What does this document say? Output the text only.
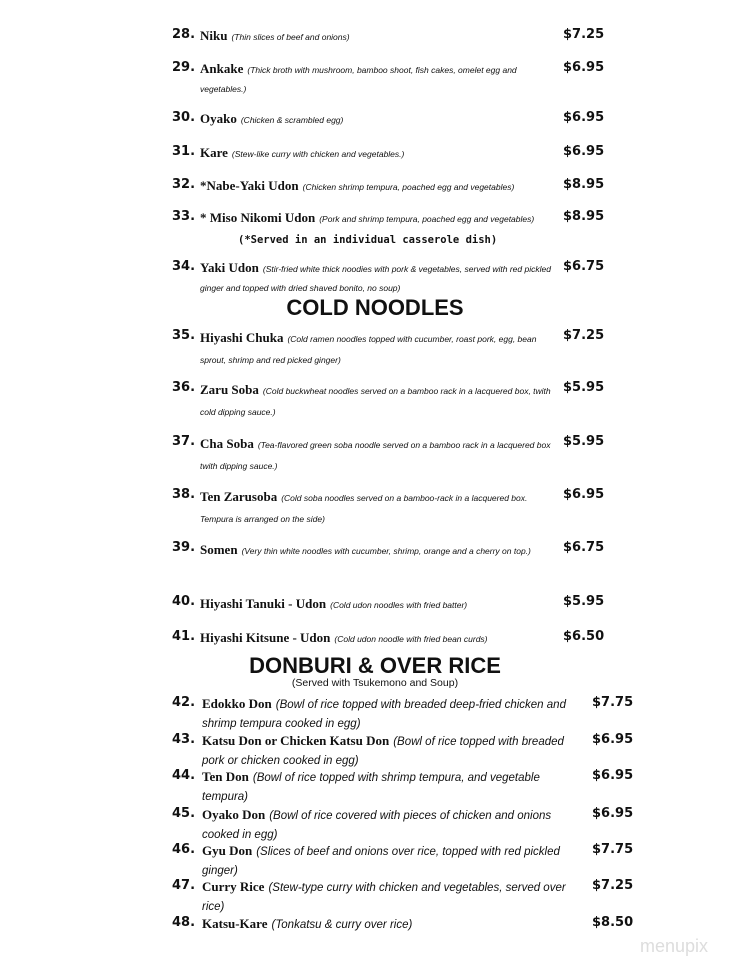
(*Served in an individual casserole dish)
COLD NOODLES
DONBURI & OVER RICE
(Served with Tsukemono and Soup)
menupix
28. Niku (Thin slices of beef and onions)	$7.25
29. Ankake (Thick broth with mushroom, bamboo shoot, fish cakes, omelet egg and vegetables.)
$6.95
30. Oyako (Chicken & scrambled egg)	$6.95
31. Kare (Stew-like curry with chicken and vegetables.)	$6.95
32. *Nabe-Yaki Udon (Chicken shrimp tempura, poached egg and vegetables)	$8.95
33. * Miso Nikomi Udon (Pork and shrimp tempura, poached egg and vegetables)	$8.95
34. Yaki Udon (Stir-fried white thick noodies with pork & vegetables, served with red pickled ginger and topped with dried shaved bonito, no soup)
$6.75
35. Hiyashi Chuka (Cold ramen noodles topped with cucumber, roast pork, egg, bean sprout, shrimp and red picked ginger)
$7.25
36. Zaru Soba (Cold buckwheat noodles served on a bamboo rack in a lacquered box, twith cold dipping sauce.)
$5.95
37. Cha Soba (Tea-flavored green soba noodle served on a bamboo rack in a lacquered box twith dipping sauce.)
$5.95
38. Ten Zarusoba (Cold soba noodles served on a bamboo-rack in a lacquered box. Tempura is arranged on the side)
$6.95
39. Somen (Very thin white noodles with cucumber, shrimp, orange and a cherry on top.)	$6.75
40. Hiyashi Tanuki - Udon (Cold udon noodles with fried batter)	$5.95
41. Hiyashi Kitsune - Udon (Cold udon noodle with fried bean curds)	$6.50
42. Edokko Don (Bowl of rice topped with breaded deep-fried chicken and shrimp tempura cooked in egg)
$7.75
43. Katsu Don or Chicken Katsu Don (Bowl of rice topped with breaded pork or chicken cooked in egg)
$6.95
44. Ten Don (Bowl of rice topped with shrimp tempura, and vegetable tempura)
$6.95
45. Oyako Don (Bowl of rice covered with pieces of chicken and onions cooked in egg)
$6.95
46. Gyu Don (Slices of beef and onions over rice, topped with red pickled ginger)
$7.75
47. Curry Rice (Stew-type curry with chicken and vegetables, served over rice)
$7.25
48. Katsu-Kare (Tonkatsu & curry over rice)	$8.50
